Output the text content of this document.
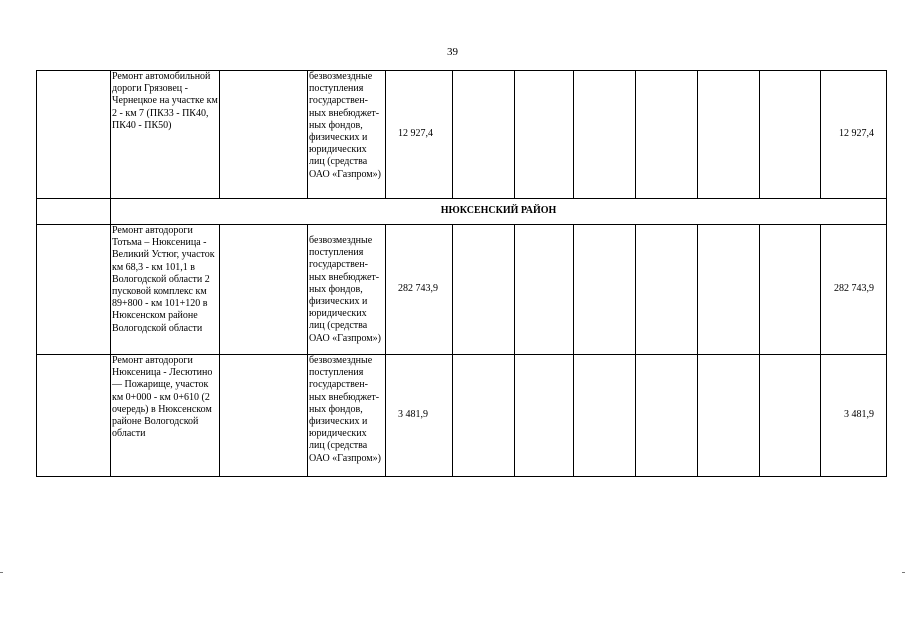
39
	Ремонт автомобильной дороги Грязовец - Чернецкое на участке км 2 - км 7 (ПК33 - ПК40, ПК40 - ПК50)		безвозмездные поступления государствен-ных внебюджет-ных фондов, физических и юридических лиц (средства ОАО «Газпром»)	12 927,4							12 927,4
	НЮКСЕНСКИЙ РАЙОН										
	Ремонт автодороги Тотьма – Нюксеница - Великий Устюг, участок км 68,3 - км 101,1 в Вологодской области 2 пусковой комплекс км 89+800 - км 101+120 в Нюксенском районе Вологодской области		безвозмездные поступления государствен-ных внебюджет-ных фондов, физических и юридических лиц (средства ОАО «Газпром»)	282 743,9							282 743,9
	Ремонт автодороги Нюксеница - Лесютино — Пожарище, участок км 0+000 - км 0+610 (2 очередь) в Нюксенском районе Вологодской области		безвозмездные поступления государствен-ных внебюджет-ных фондов, физических и юридических лиц (средства ОАО «Газпром»)	3 481,9							3 481,9
